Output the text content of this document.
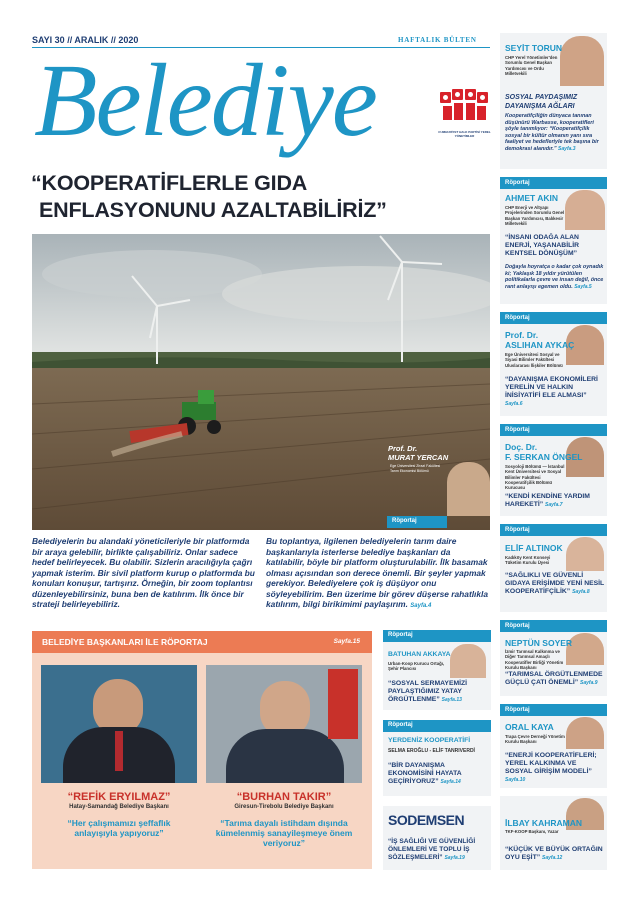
SAYI 30 // ARALIK // 2020	HAFTALIK BÜLTEN
Belediye	CUMHURİYET HALK PARTİSİ YEREL YÖNETİMLER
“KOOPERATİFLERLE GIDA
ENFLASYONUNU AZALTABİLİRİZ”
Prof. Dr.
MURAT YERCAN
Ege Üniversitesi Ziraat Fakültesi Tarım Ekonomisi Bölümü
Röportaj
Belediyelerin bu alandaki yöneticileriyle bir platformda bir araya gelebilir, birlikte çalışabiliriz. Onlar sadece hedef belirleyecek. Bu olabilir. Sizlerin aracılığıyla çağrı yapmak isterim. Bir sivil platform kurup o platformda bu konuları konuşur, tartışırız. Örneğin, bir zoom toplantısı düzenleyebilirsiniz, buna ben de katılırım. İlk önce bir strateji belirleyebiliriz.
Bu toplantıya, ilgilenen belediyelerin tarım daire başkanlarıyla isterlerse belediye başkanları da katılabilir, böyle bir platform oluşturulabilir. İlk basamak olması açısından son derece önemli. Bir şeyler yapmak gerekiyor. Belediyelere çok iş düşüyor onu söyleyebilirim. Ben üzerime bir görev düşerse rahatlıkla katılırım, bilgi birikimimi paylaşırım. Sayfa.4
BELEDİYE BAŞKANLARI İLE RÖPORTAJ	Sayfa.15
“REFİK ERYILMAZ”
Hatay-Samandağ Belediye Başkanı
“Her çalışmamızı şeffaflık anlayışıyla yapıyoruz”
“BURHAN TAKIR”
Giresun-Tirebolu Belediye Başkanı
“Tarıma dayalı istihdam dışında kümelenmiş sanayileşmeye önem veriyoruz”
Röportaj
BATUHAN AKKAYA
Urban-Koop Kurucu Ortağı, Şehir Plancısı
“SOSYAL SERMAYEMİZİ PAYLAŞTIĞIMIZ YATAY ÖRGÜTLENME” Sayfa.13
Röportaj
YERDENİZ KOOPERATİFİ
SELMA EROĞLU - ELİF TANRIVERDİ
“BİR DAYANIŞMA EKONOMİSİNİ HAYATA GEÇİRİYORUZ” Sayfa.14
SODEMSEN
“İŞ SAĞLIĞI VE GÜVENLİĞİ ÖNLEMLERİ VE TOPLU İŞ SÖZLEŞMELERİ” Sayfa.19
SEYİT TORUN
CHP Yerel Yönetimler'den Sorumlu Genel Başkan Yardımcısı ve Ordu Milletvekili
SOSYAL PAYDAŞIMIZ DAYANIŞMA AĞLARI
Kooperatifçiliğin dünyaca tanınan düşünürü Warbasse, kooperatifleri şöyle tanımlıyor: “Kooperatifçilik sosyal bir kültür olmanın yanı sıra faaliyet ve hedefleriyle tek başına bir demokrasi alanıdır.” Sayfa.3
Röportaj
AHMET AKIN
CHP Enerji ve Altyapı Projelerinden Sorumlu Genel Başkan Yardımcısı, Balıkesir Milletvekili
“İNSANI ODAĞA ALAN ENERJİ, YAŞANABİLİR KENTSEL DÖNÜŞÜM”
Doğayla hoyratça o kadar çok oynadık ki; Yaklaşık 18 yıldır yürütülen politikalarla çevre ve insan değil, önce rant anlayışı egemen oldu. Sayfa.5
Röportaj
Prof. Dr.
ASLIHAN AYKAÇ
Ege Üniversitesi Sosyal ve Siyasi Bilimler Fakültesi Uluslararası İlişkiler Bölümü
“DAYANIŞMA EKONOMİLERİ YERELİN VE HALKIN İNİSİYATİFİ ELE ALMASI”
Sayfa.6
Röportaj
Doç. Dr.
F. SERKAN ÖNGEL
Sosyoloji Bölümü — İstanbul Kent Üniversitesi ve Sosyal Bilimler Fakültesi Kooperatifçilik Bölümü Kurucusu
“KENDİ KENDİNE YARDIM HAREKETİ” Sayfa.7
Röportaj
ELİF ALTINOK
Kadıköy Kent Konseyi Tüketim Kurulu Üyesi
“SAĞLIKLI VE GÜVENLİ GIDAYA ERİŞİMDE YENİ NESİL KOOPERATİFÇİLİK” Sayfa.8
Röportaj
NEPTÜN SOYER
İzmir Tarımsal Kalkınma ve Diğer Tarımsal Amaçlı Kooperatifler Birliği Yönetim Kurulu Başkanı
“TARIMSAL ÖRGÜTLENMEDE GÜÇLÜ ÇATI ÖNEMLİ” Sayfa.9
Röportaj
ORAL KAYA
Trapa Çevre Derneği Yönetim Kurulu Başkanı
“ENERJİ KOOPERATİFLERİ; YEREL KALKINMA VE SOSYAL GİRİŞİM MODELİ” Sayfa.10
İLBAY KAHRAMAN
TKF-KOOP Başkanı, Yazar
“KÜÇÜK VE BÜYÜK ORTAĞIN OYU EŞİT” Sayfa.12
